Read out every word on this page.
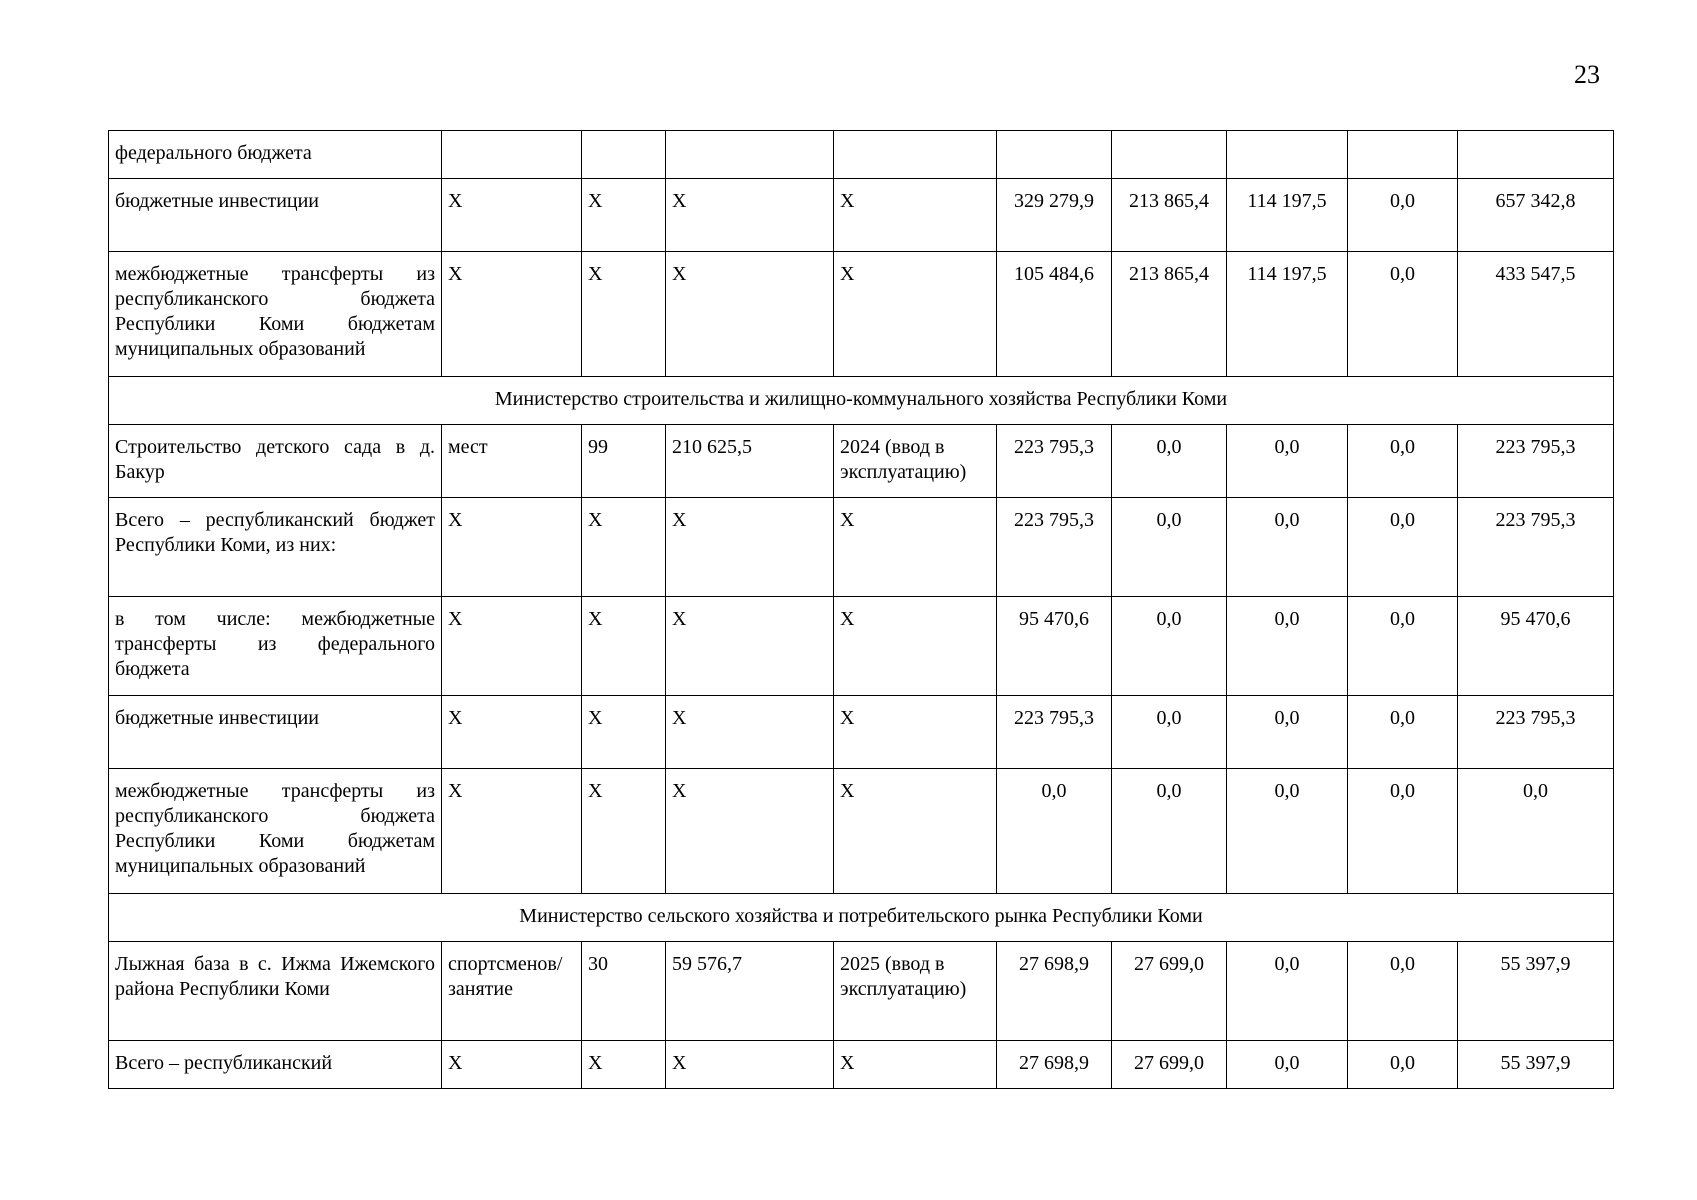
23
федерального бюджета									
бюджетные инвестиции	X	X	X	X	329 279,9	213 865,4	114 197,5	0,0	657 342,8
межбюджетные трансферты из республиканского бюджета Республики Коми бюджетам муниципальных образований	X	X	X	X	105 484,6	213 865,4	114 197,5	0,0	433 547,5
Министерство строительства и жилищно-коммунального хозяйства Республики Коми									
Строительство детского сада в д. Бакур	мест	99	210 625,5	2024 (ввод в эксплуатацию)	223 795,3	0,0	0,0	0,0	223 795,3
Всего – республиканский бюджет Республики Коми, из них:	X	X	X	X	223 795,3	0,0	0,0	0,0	223 795,3
в том числе: межбюджетные трансферты из федерального бюджета	X	X	X	X	95 470,6	0,0	0,0	0,0	95 470,6
бюджетные инвестиции	X	X	X	X	223 795,3	0,0	0,0	0,0	223 795,3
межбюджетные трансферты из республиканского бюджета Республики Коми бюджетам муниципальных образований	X	X	X	X	0,0	0,0	0,0	0,0	0,0
Министерство сельского хозяйства и потребительского рынка Республики Коми									
Лыжная база в с. Ижма Ижемского района Республики Коми	спортсменов/ занятие	30	59 576,7	2025 (ввод в эксплуатацию)	27 698,9	27 699,0	0,0	0,0	55 397,9
Всего – республиканский	X	X	X	X	27 698,9	27 699,0	0,0	0,0	55 397,9
